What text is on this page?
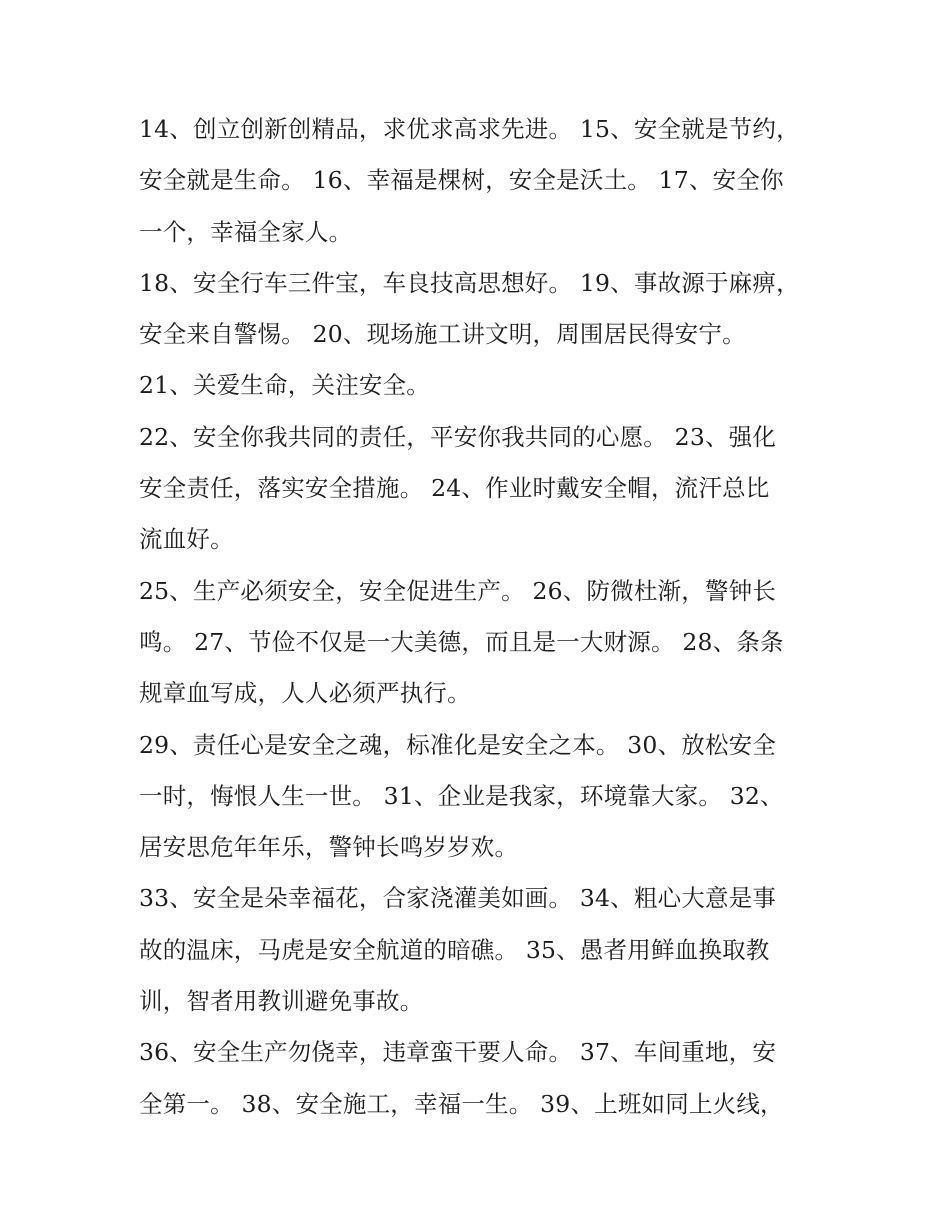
14、创立创新创精品，求优求高求先进。 15、安全就是节约，
安全就是生命。 16、幸福是棵树，安全是沃土。 17、安全你
一个，幸福全家人。
18、安全行车三件宝，车良技高思想好。 19、事故源于麻痹，
安全来自警惕。 20、现场施工讲文明，周围居民得安宁。
21、关爱生命，关注安全。
22、安全你我共同的责任，平安你我共同的心愿。 23、强化
安全责任，落实安全措施。 24、作业时戴安全帽，流汗总比
流血好。
25、生产必须安全，安全促进生产。 26、防微杜渐，警钟长
鸣。 27、节俭不仅是一大美德，而且是一大财源。 28、条条
规章血写成，人人必须严执行。
29、责任心是安全之魂，标准化是安全之本。 30、放松安全
一时，悔恨人生一世。 31、企业是我家，环境靠大家。 32、
居安思危年年乐，警钟长鸣岁岁欢。
33、安全是朵幸福花，合家浇灌美如画。 34、粗心大意是事
故的温床，马虎是安全航道的暗礁。 35、愚者用鲜血换取教
训，智者用教训避免事故。
36、安全生产勿侥幸，违章蛮干要人命。 37、车间重地，安
全第一。 38、安全施工，幸福一生。 39、上班如同上火线，
